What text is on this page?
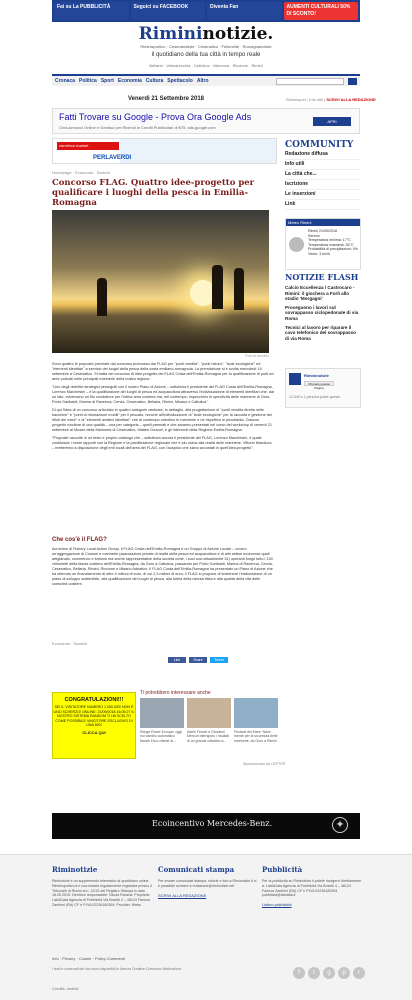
Fai su La PUBBLICITÀ	Seguici su FACEBOOK	Diventa Fan	AUMENTI CULTURALI 50% DI SCONTO!
Rimininotizie.
Riminisportivo · Cesenanotizie · Cesenatico · Fellonette · Romagnanotizie
il quotidiano della tua città in tempo reale
Bellaria · Valmarecchia · Cattolica · Valconca · Riccione · Rimini
Cronaca Politica Sport Economia Cultura Spettacolo Altro
Venerdì 21 Settembre 2018	Riminisport | Info utili | SCRIVI ALLA REDAZIONE
Fatti Trovare su Google - Prova Ora Google Ads
Crea Annunci Online e Gestisci per Rivendi in Crediti Pubblicitari di €75: ads.google.com
APRI
carrefour market
PERLAVERDI
Homepage · Economia · Società
Concorso FLAG. Quattro idee-progetto per qualificare i luoghi della pesca in Emilia-Romagna
Foto di archivio

Sono quattro le proposte premiate dal concorso promosso dal FLAG per "punti vendita", "punti ristoro", "isole ecologiche" ed "elementi identitari" a servizio dei luoghi della pesca della costa emiliano-romagnola. La premiazione si è svolta mercoledì 19 settembre a Cesenatico. Si tratta del concorso di idee-progetto del FLAG Costa dell'Emilia-Romagna per la qualificazione di porti ed aree portuali nelle principali marinerie della nostra regione.

"Uno degli obiettivi strategici perseguiti con il nostro Piano di Azione – sottolinea il presidente del FLAG Costa dell'Emilia-Romagna, Lorenzo Marchesini – è la qualificazione dei luoghi di pesca ed acquacoltura attraverso l'individuazione di elementi identitari che, dal un lato, evidenzino un filo conduttore per l'intera area costiera ma, nel contempo, rispecchino le specificità delle marinerie di Goro, Porto Garibaldi, Marina di Ravenna, Cervia, Cesenatico, Bellaria, Rimini, Misano e Cattolica".

Di qui l'idea di un concorso articolato in quattro categorie dedicate, in dettaglio, alla progettazione di "punti vendita diretta nelle banchine" e "punti di ristorazione mobili" per il pescato, nonché all'individuazione di "isole ecologiche" per la raccolta e gestione dei rifiuti dei mare" e di "elementi artistici identitari" che al contempo orientino le marinerie e ne rispettino le peculiarità. Ciascun progetto vincitore di una qualità – una per categoria – quelli premiati e che saranno presentati nel corso del workshop di venerdì 21 settembre al Museo della Marineria di Cesenatico, Matteo Gozzoli, è gli interventi della Regione Emilia-Romagna.

"Proposte raccolte in un testo e proprio catalogo che – sottolinea ancora il presidente del FLAG, Lorenzo Marchesini, è quale costituisce i nostri rapporti con la Regione e la pianificazione regionale che è più vicina alla realtà delle marinerie. Vittorio Manduca – metteremo a disposizione degli enti locali dell'area del FLAG, con l'auspicio che siano accostati in quell'idea-progetto".

Che cos'è il FLAG?

Acronimo di Fishery Local Action Group, il FLAG Costa dell'Emilia-Romagna è un Gruppo di Azione Locale – ovvero un'aggregazione di Comuni e marinerie (associazioni private di realtà della pesca ed acquacoltura e di altri settori economici quali artigianato, commercio e turismo ma anche rappresentative della società civile, i suoi soci attualmente 31) operanti lungo tutto i 130 chilometri della fascia costiera dell'Emilia-Romagna, da Goro a Cattolica, passando per Porto Garibaldi, Marina di Ravenna, Cervia, Cesenatico, Bellaria, Rimini, Riccione e Misano Adriatico. Il FLAG Costa dell'Emilia-Romagna ha presentato un Piano di Azione che ha ottenuto un finanziamento di oltre 4 milioni di euro, di cui 2,3 milioni di euro, il FLAG si propone di sostenere l'elaborazione di un piano di sviluppo sostenibile, alla qualificazione dei luoghi di pesca, alla tutela della risorsa ittica e alla qualità della vita delle comunità costiere.

Economia · Società
Like	Share	Tweet
CONGRATULAZIONI!!!
SEI IL VISITATORE NUMERO 1.000.000! NON È UNO SCHERZO! ONLINE: 21/09/2018 16:05:27 IL NOSTRO SISTEMA RANDOM TI HA SCELTO COME POSSIBILE VINCITORE ESCLUSIVO DI UNA 500!
CLICCA QUI
Ti potrebbero interessare anche
Range Rover Evoque: oggi noi cambio automatico fiscale il tuo cliente di...
Adele Ferrari e Giovanni Mercuri ottengono i risultati di un grande cittadino a...
Festival del Mare: Nave mente per la sicurezza delle marinerie, da Goro a Rimini
Sponsorizzato da CEPTER
Ecoincentivo Mercedes-Benz.	✦
COMMUNITY
Redazione diffusa
Info utili
La città che...
Iscrizione
Le inserzioni
Link
Meteo Rimini
Rimini 21/09/2018
Sereno
Temperatura minima: 17°C
Temperatura massima: 26°C
Probabilità di precipitazioni: 0%
Vento: 3 km/h
NOTIZIE FLASH
Calcio Eccellenza / Castrocaro - Rimini: il giochera a Forlì allo stadio 'Morgagni'
Proseguono i lavori sul sovrappasso ciclopedonale di via Roma
Tecnici al lavoro per riparare il cavo telefonico del sovrappasso di via Roma
Rimininotizie
Mi piace questa Pagina
12.345 a 1 persona piace questo
Riminotizie
Riminotizie è un supplemento telematico al quotidiano online Riminisportivo.it e una testata regolarmente registrata presso il Tribunale di Rimini al n. 12/15 del Registro Stampa in data 18.05.2015. Direttore responsabile: Nicola Ranzuti. Proprietà: Lab&Data Agenzia di Pubblicità Via Boselli 4 – 48124 Faenza Zanfrimi (RA) CF e P.IVA 02236180394. Provider: Webs
Comunicati stampa
Per inviare comunicati stampa, notizie e foto a Riminotizie.it vi è possibile scrivere a redazione@riminotizie.net
SCRIVI ALLA REDAZIONE
Pubblicità
Per la pubblicità su Riminotizie.it potete rivolgervi direttamente a: Lab&Data Agenzia di Pubblicità Via Boselli 4 – 48124 Faenza Zanfrimi (RA) CF e P.IVA 02236180394 pubblicita@labdata.it
Listino pubblicità
Info · Privacy · Cookie · Policy Commenti
I testi e contenuti del sito sono disponibili in licenza Creative Commons Attribuzione
Credits: webbit
f	t	g	p	r
